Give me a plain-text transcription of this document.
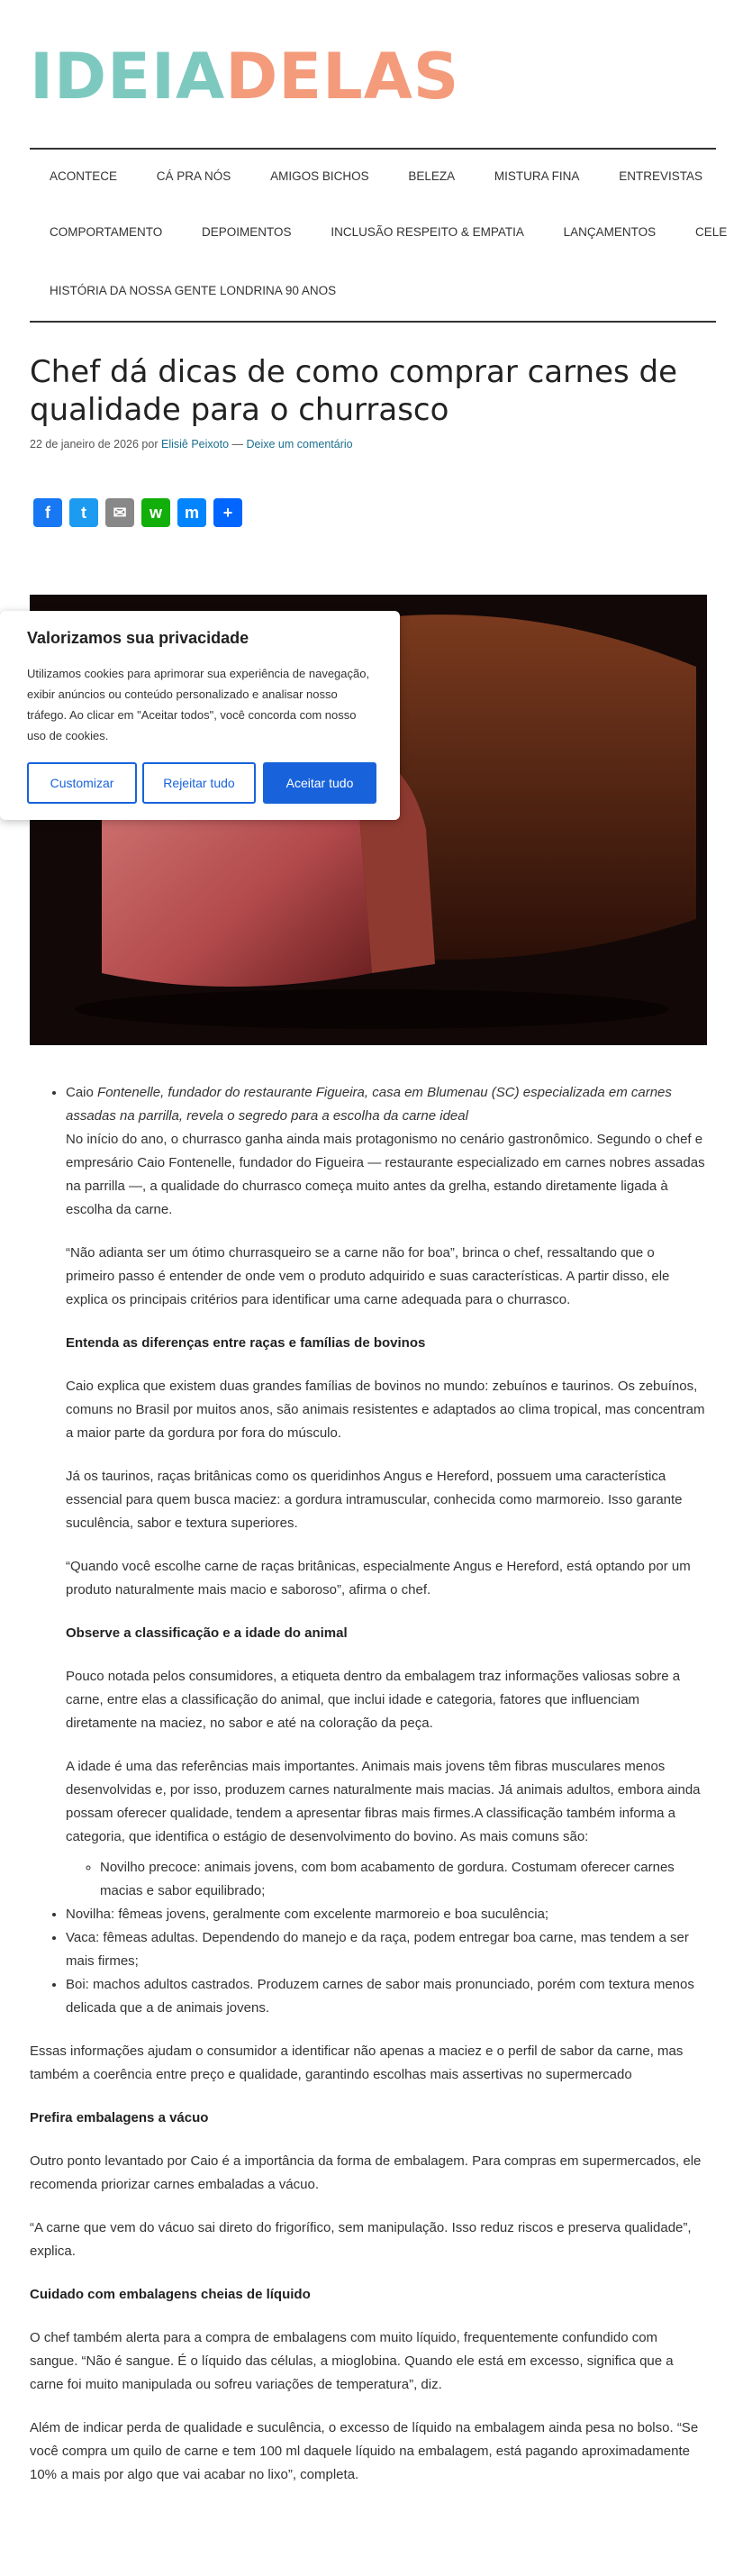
IDEIA DELAS
ACONTECE	CÁ PRA NÓS	AMIGOS BICHOS	BELEZA	MISTURA FINA	ENTREVISTAS
COMPORTAMENTO	DEPOIMENTOS	INCLUSÃO RESPEITO & EMPATIA	LANÇAMENTOS	CELE
HISTÓRIA DA NOSSA GENTE LONDRINA 90 ANOS
Chef dá dicas de como comprar carnes de qualidade para o churrasco
22 de janeiro de 2026 por Elisiê Peixoto — Deixe um comentário
f	t	✉	w	m	+
Valorizamos sua privacidade
Utilizamos cookies para aprimorar sua experiência de navegação, exibir anúncios ou conteúdo personalizado e analisar nosso tráfego. Ao clicar em "Aceitar todos", você concorda com nosso uso de cookies.
Customizar	Rejeitar tudo	Aceitar tudo
• Caio Fontenelle, fundador do restaurante Figueira, casa em Blumenau (SC) especializada em carnes assadas na parrilla, revela o segredo para a escolha da carne ideal

No início do ano, o churrasco ganha ainda mais protagonismo no cenário gastronômico. Segundo o chef e empresário Caio Fontenelle, fundador do Figueira — restaurante especializado em carnes nobres assadas na parrilla —, a qualidade do churrasco começa muito antes da grelha, estando diretamente ligada à escolha da carne.

“Não adianta ser um ótimo churrasqueiro se a carne não for boa”, brinca o chef, ressaltando que o primeiro passo é entender de onde vem o produto adquirido e suas características. A partir disso, ele explica os principais critérios para identificar uma carne adequada para o churrasco.

Entenda as diferenças entre raças e famílias de bovinos

Caio explica que existem duas grandes famílias de bovinos no mundo: zebuínos e taurinos. Os zebuínos, comuns no Brasil por muitos anos, são animais resistentes e adaptados ao clima tropical, mas concentram a maior parte da gordura por fora do músculo.

Já os taurinos, raças britânicas como os queridinhos Angus e Hereford, possuem uma característica essencial para quem busca maciez: a gordura intramuscular, conhecida como marmoreio. Isso garante suculência, sabor e textura superiores.

“Quando você escolhe carne de raças britânicas, especialmente Angus e Hereford, está optando por um produto naturalmente mais macio e saboroso”, afirma o chef.

Observe a classificação e a idade do animal

Pouco notada pelos consumidores, a etiqueta dentro da embalagem traz informações valiosas sobre a carne, entre elas a classificação do animal, que inclui idade e categoria, fatores que influenciam diretamente na maciez, no sabor e até na coloração da peça.

A idade é uma das referências mais importantes. Animais mais jovens têm fibras musculares menos desenvolvidas e, por isso, produzem carnes naturalmente mais macias. Já animais adultos, embora ainda possam oferecer qualidade, tendem a apresentar fibras mais firmes.A classificação também informa a categoria, que identifica o estágio de desenvolvimento do bovino. As mais comuns são:

◦ Novilho precoce: animais jovens, com bom acabamento de gordura. Costumam oferecer carnes macias e sabor equilibrado;
• Novilha: fêmeas jovens, geralmente com excelente marmoreio e boa suculência;
• Vaca: fêmeas adultas. Dependendo do manejo e da raça, podem entregar boa carne, mas tendem a ser mais firmes;
• Boi: machos adultos castrados. Produzem carnes de sabor mais pronunciado, porém com textura menos delicada que a de animais jovens.

Essas informações ajudam o consumidor a identificar não apenas a maciez e o perfil de sabor da carne, mas também a coerência entre preço e qualidade, garantindo escolhas mais assertivas no supermercado

Prefira embalagens a vácuo

Outro ponto levantado por Caio é a importância da forma de embalagem. Para compras em supermercados, ele recomenda priorizar carnes embaladas a vácuo.

“A carne que vem do vácuo sai direto do frigorífico, sem manipulação. Isso reduz riscos e preserva qualidade”, explica.

Cuidado com embalagens cheias de líquido

O chef também alerta para a compra de embalagens com muito líquido, frequentemente confundido com sangue. “Não é sangue. É o líquido das células, a mioglobina. Quando ele está em excesso, significa que a carne foi muito manipulada ou sofreu variações de temperatura”, diz.

Além de indicar perda de qualidade e suculência, o excesso de líquido na embalagem ainda pesa no bolso. “Se você compra um quilo de carne e tem 100 ml daquele líquido na embalagem, está pagando aproximadamente 10% a mais por algo que vai acabar no lixo”, completa.
